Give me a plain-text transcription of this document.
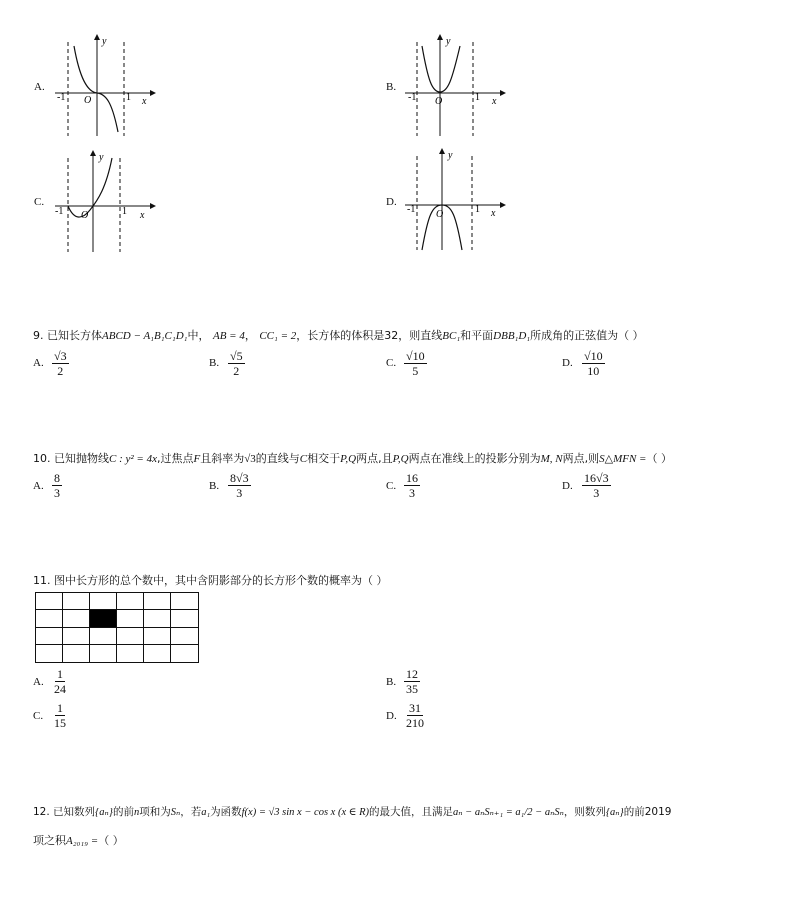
A.
-1 O	1 x
y
B.
-1 O	1 x
y
C.
-1 O	1 x
y
D.
-1 O	1 x
y
9. 已知长方体ABCD − A₁B₁C₁D₁中， AB = 4， CC₁ = 2，长方体的体积是32，则直线BC₁和平面DBB₁D₁所成角的正弦值为（ ）
A. $\frac{√3}{2}$	B. $\frac{√5}{2}$	C. $\frac{√10}{5}$	D. $\frac{√10}{10}$
10. 已知抛物线C : y² = 4x,过焦点F且斜率为√3的直线与C相交于P,Q两点,且P,Q两点在准线上的投影分别为M, N两点,则S△MFN =（ ）
A. $\frac{8}{3}$	B. $\frac{8√3}{3}$	C. $\frac{16}{3}$	D. $\frac{16√3}{3}$
11. 图中长方形的总个数中，其中含阴影部分的长方形个数的概率为（ ）
A. $\frac{1}{24}$	B. $\frac{12}{35}$
C. $\frac{1}{15}$	D. $\frac{31}{210}$
12. 已知数列{aₙ}的前n项和为Sₙ，若a₁为函数f(x) = √3 sin x − cos x (x ∈ R)的最大值，且满足aₙ − aₙSₙ₊₁ = a₁/2 − aₙSₙ，则数列{aₙ}的前2019
项之积A₂₀₁₉ =（ ）
